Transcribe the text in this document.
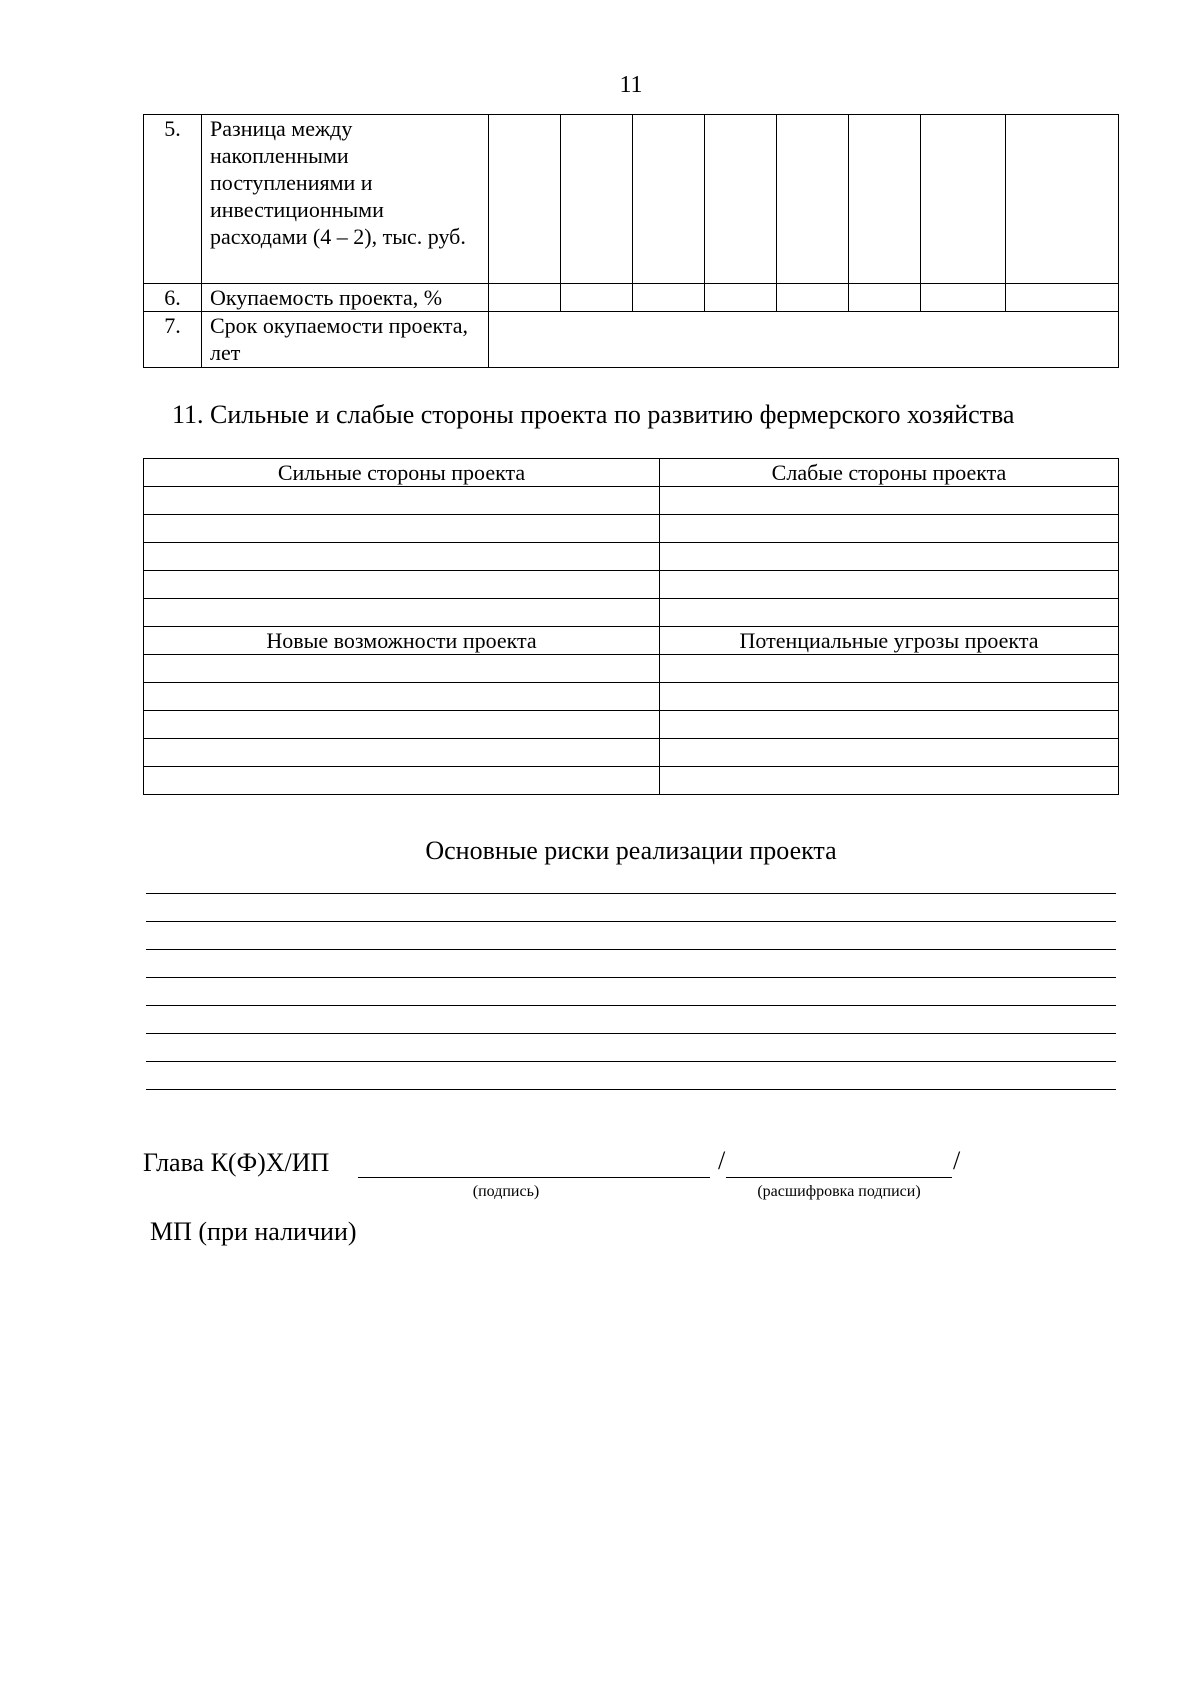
11
5.	Разница между накопленными поступлениями и инвестиционными расходами (4 – 2), тыс. руб.								
6.	Окупаемость проекта, %								
7.	Срок окупаемости проекта, лет								
11. Сильные и слабые стороны проекта по развитию фермерского хозяйства
Сильные стороны проекта	Слабые стороны проекта

Новые возможности проекта	Потенциальные угрозы проекта

Основные риски реализации проекта
Глава К(Ф)Х/ИП	/	/
(подпись)	(расшифровка подписи)
МП (при наличии)
